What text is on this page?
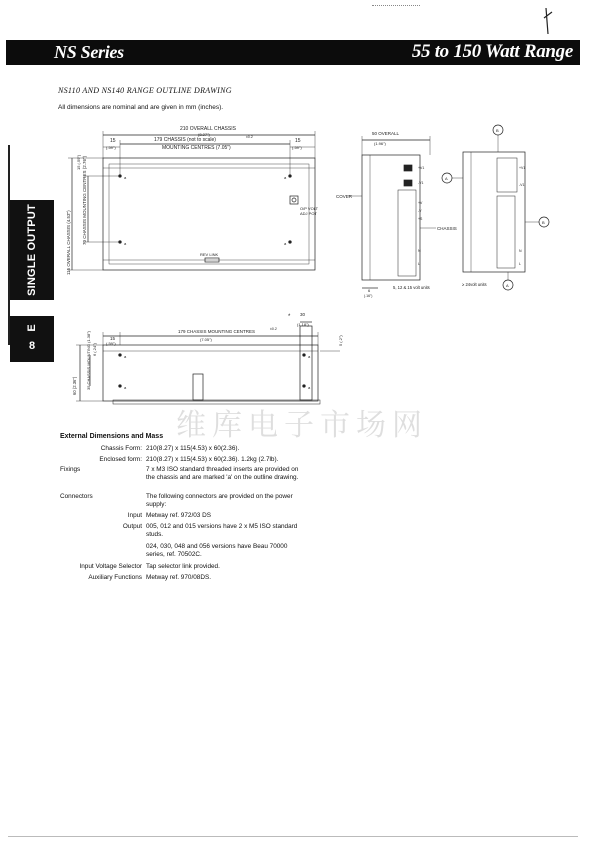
NS Series	55 to 150 Watt Range
SINGLE OUTPUT
E
8
NS110 AND NS140 RANGE OUTLINE DRAWING
All dimensions are nominal and are given in mm (inches).
210 OVERALL CHASSIS
(8.27")
179 CHASSIS (not to scale)	±0.2
MOUNTING CENTRES (7.05")
15
(.59")
15
(.59")
O/P VOLT
ADJ POT
REV LINK
a	a
a	a
115 OVERALL CHASSIS (4.53") 70 CHASSIS MOUNTING CENTRES (2.76")
15 (.59")
50 OVERALL
(1.96")
COVER
CHASSIS
6
(.16")
5, 12 & 15 volt units
+V1
-V1
+V
-V
+S
N
L
B
A
B
A
≥ 24volt units
+V1
-V1
N
L
15
(.59")
179 CHASSIS MOUNTING CENTRES	±0.2
(7.05")
30
(1.18")
*
a
a
a
a
60 (2.36") 35 CHASSIS MOUNTING (1.38") 6 (.24")
5 (.2")
维库电子市场网
External Dimensions and Mass
Chassis Form: 210(8.27) x 115(4.53) x 60(2.36).
Enclosed form: 210(8.27) x 115(4.53) x 60(2.36). 1.2kg (2.7lb).
Fixings	7 x M3 ISO standard threaded inserts are provided on the chassis and are marked 'a' on the outline drawing.
Connectors	The following connectors are provided on the power supply:
Input Metway ref. 972/03 DS
Output 005, 012 and 015 versions have 2 x M5 ISO standard studs.
024, 030, 048 and 056 versions have Beau 70000 series, ref. 70502C.
Input Voltage Selector Tap selector link provided.
Auxiliary Functions Metway ref. 970/08DS.
